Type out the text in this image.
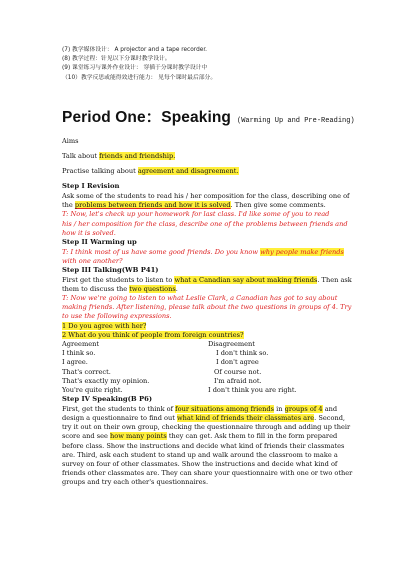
(7) 教学媒体设计： A projector and a tape recorder.
(8) 教学过程：针见以下分课时教学设计。
(9) 课堂练习与课外作业设计： 穿插于分课时教学设计中
（10）教学反思或能得效进行能力： 见每个课时最后部分。
Period One：Speaking (Warming Up and Pre-Reading)
Aims
Talk about friends and friendship.
Practise talking about agreement and disagreement.
Step I Revision
Ask some of the students to read his / her composition for the class, describing one of
the problems between friends and how it is solved. Then give some comments.
T: Now, let's check up your homework for last class. I'd like some of you to read
his / her composition for the class, describe one of the problems between friends and
how it is solved.
Step II Warming up
T: I think most of us have some good friends. Do you know why people make friends
with one another?
Step III Talking(WB P41)
First get the students to listen to what a Canadian say about making friends. Then ask
them to discuss the two questions.
T: Now we're going to listen to what Leslie Clark, a Canadian has got to say about
making friends. After listening, please talk about the two questions in groups of 4. Try
to use the following expressions.
1 Do you agree with her?
2 What do you think of people from foreign countries?
Agreement	Disagreement
I think so.	I don't think so.
I agree.	I don't agree
That's correct.	Of course not.
That's exactly my opinion.	I'm afraid not.
You're quite right.	I don't think you are right.
Step IV Speaking(B P6)
First, get the students to think of four situations among friends in groups of 4 and
design a questionnaire to find out what kind of friends their classmates are. Second,
try it out on their own group, checking the questionnaire through and adding up their
score and see how many points they can get. Ask them to fill in the form prepared
before class. Show the instructions and decide what kind of friends their classmates
are. Third, ask each student to stand up and walk around the classroom to make a
survey on four of other classmates. Show the instructions and decide what kind of
friends other classmates are. They can share your questionnaire with one or two other
groups and try each other's questionnaires.
